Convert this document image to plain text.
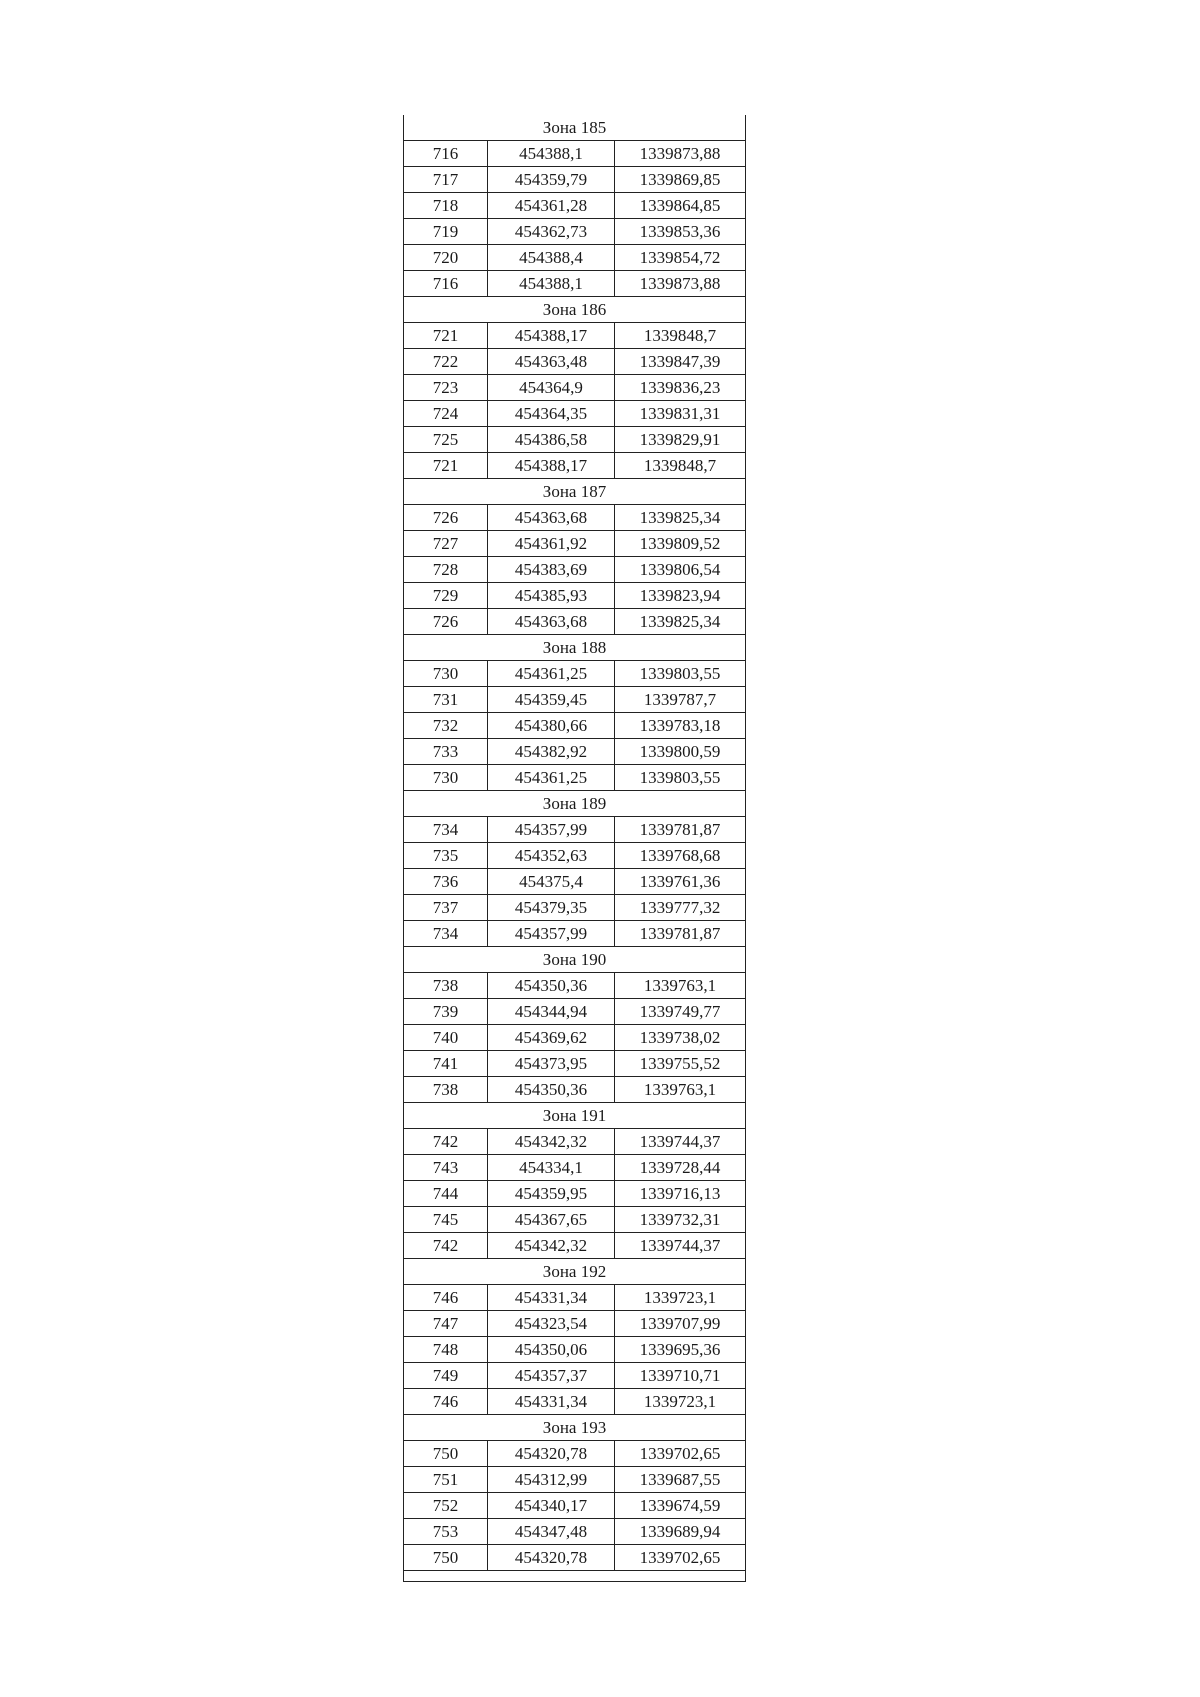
Зона 185		
716	454388,1	1339873,88
717	454359,79	1339869,85
718	454361,28	1339864,85
719	454362,73	1339853,36
720	454388,4	1339854,72
716	454388,1	1339873,88
Зона 186		
721	454388,17	1339848,7
722	454363,48	1339847,39
723	454364,9	1339836,23
724	454364,35	1339831,31
725	454386,58	1339829,91
721	454388,17	1339848,7
Зона 187		
726	454363,68	1339825,34
727	454361,92	1339809,52
728	454383,69	1339806,54
729	454385,93	1339823,94
726	454363,68	1339825,34
Зона 188		
730	454361,25	1339803,55
731	454359,45	1339787,7
732	454380,66	1339783,18
733	454382,92	1339800,59
730	454361,25	1339803,55
Зона 189		
734	454357,99	1339781,87
735	454352,63	1339768,68
736	454375,4	1339761,36
737	454379,35	1339777,32
734	454357,99	1339781,87
Зона 190		
738	454350,36	1339763,1
739	454344,94	1339749,77
740	454369,62	1339738,02
741	454373,95	1339755,52
738	454350,36	1339763,1
Зона 191		
742	454342,32	1339744,37
743	454334,1	1339728,44
744	454359,95	1339716,13
745	454367,65	1339732,31
742	454342,32	1339744,37
Зона 192		
746	454331,34	1339723,1
747	454323,54	1339707,99
748	454350,06	1339695,36
749	454357,37	1339710,71
746	454331,34	1339723,1
Зона 193		
750	454320,78	1339702,65
751	454312,99	1339687,55
752	454340,17	1339674,59
753	454347,48	1339689,94
750	454320,78	1339702,65
